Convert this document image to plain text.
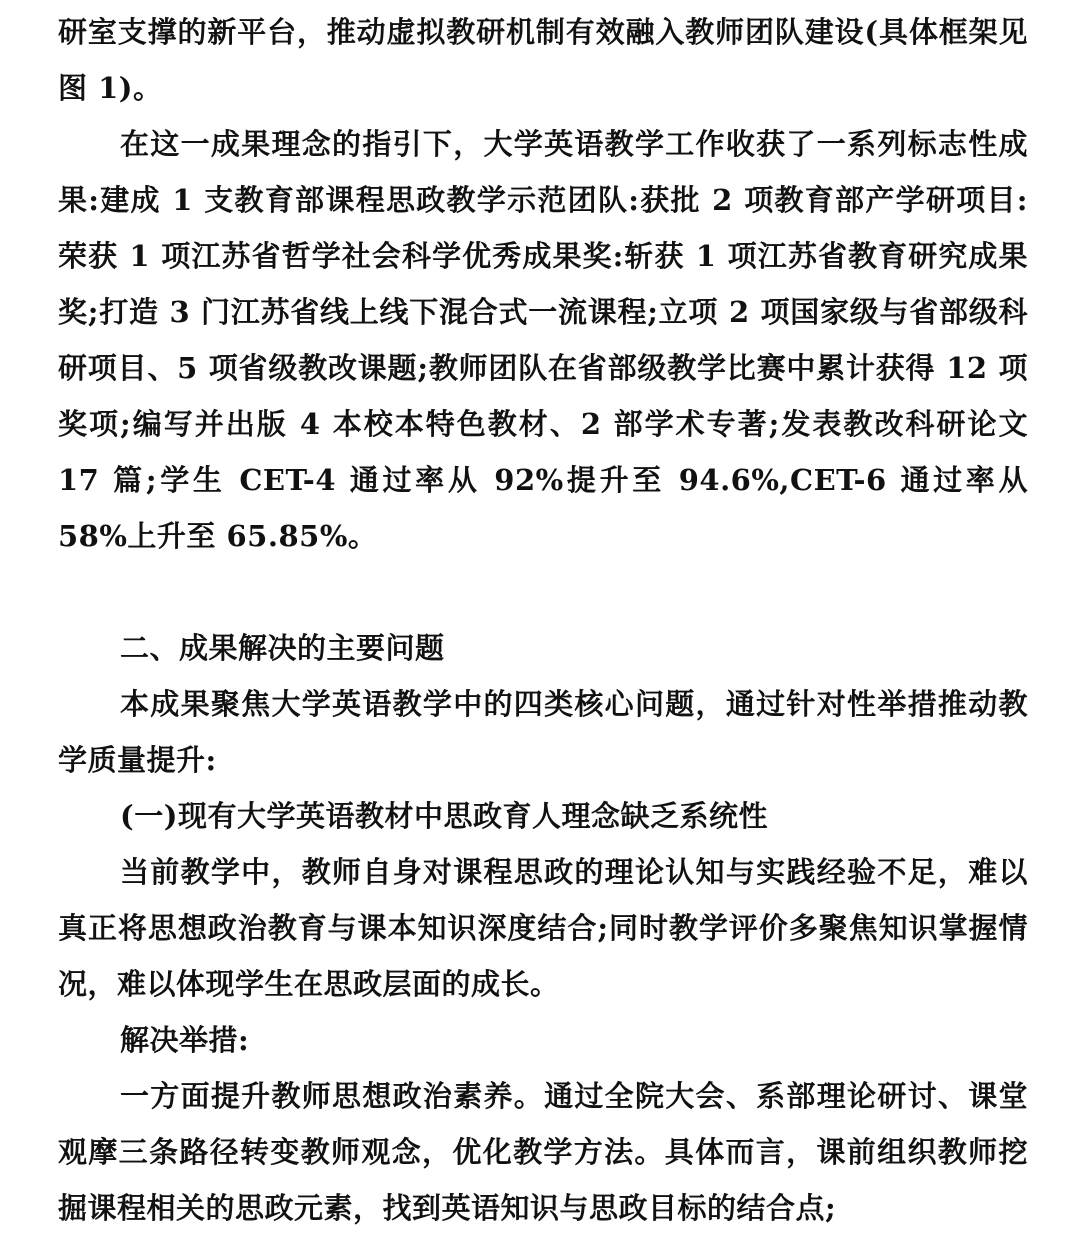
研室支撑的新平台，推动虚拟教研机制有效融入教师团队建设(具体框架见图 1)。

在这一成果理念的指引下，大学英语教学工作收获了一系列标志性成果:建成 1 支教育部课程思政教学示范团队:获批 2 项教育部产学研项目:荣获 1 项江苏省哲学社会科学优秀成果奖:斩获 1 项江苏省教育研究成果奖;打造 3 门江苏省线上线下混合式一流课程;立项 2 项国家级与省部级科研项目、5 项省级教改课题;教师团队在省部级教学比赛中累计获得 12 项奖项;编写并出版 4 本校本特色教材、2 部学术专著;发表教改科研论文 17 篇;学生 CET-4 通过率从 92%提升至 94.6%,CET-6 通过率从 58%上升至 65.85%。

二、成果解决的主要问题

本成果聚焦大学英语教学中的四类核心问题，通过针对性举措推动教学质量提升:

(一)现有大学英语教材中思政育人理念缺乏系统性

当前教学中，教师自身对课程思政的理论认知与实践经验不足，难以真正将思想政治教育与课本知识深度结合;同时教学评价多聚焦知识掌握情况，难以体现学生在思政层面的成长。

解决举措:

一方面提升教师思想政治素养。通过全院大会、系部理论研讨、课堂观摩三条路径转变教师观念，优化教学方法。具体而言，课前组织教师挖掘课程相关的思政元素，找到英语知识与思政目标的结合点;
